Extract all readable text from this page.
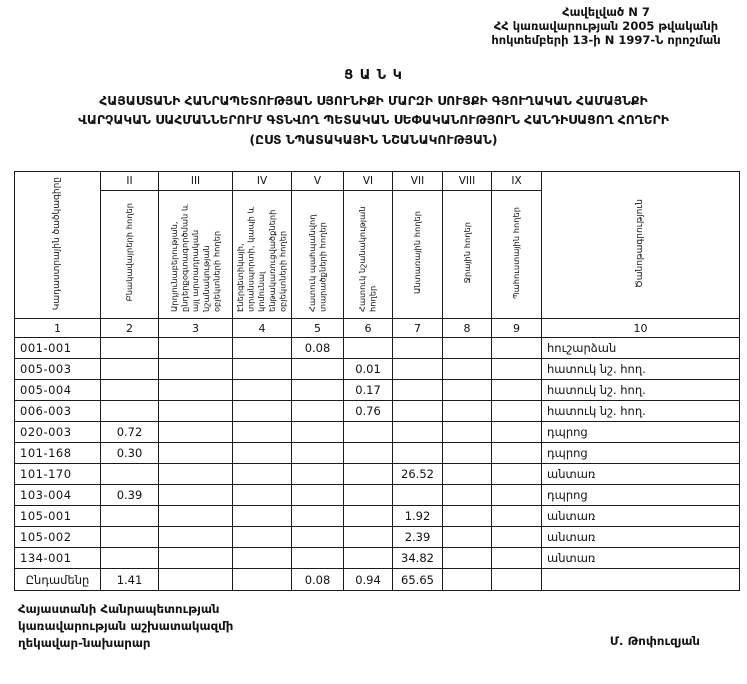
Հավելված N 7
ՀՀ կառավարության 2005 թվականի
հոկտեմբերի 13-ի N 1997-Ն որոշման
Ց Ա Ն Կ
ՀԱՅԱՍՏԱՆԻ ՀԱՆՐԱՊԵՏՈՒԹՅԱՆ ՍՅՈՒՆԻՔԻ ՄԱՐԶԻ ՍՈՒՑՔԻ ԳՅՈՒՂԱԿԱՆ ՀԱՄԱՅՆՔԻ
ՎԱՐՉԱԿԱՆ ՍԱՀՄԱՆՆԵՐՈՒՄ ԳՏՆՎՈՂ ՊԵՏԱԿԱՆ ՍԵՓԱԿԱՆՈՒԹՅՈՒՆ ՀԱՆԴԻՍԱՑՈՂ ՀՈՂԵՐԻ
(ԸՍՏ ՆՊԱՏԱԿԱՅԻՆ ՆՇԱՆԱԿՈՒԹՅԱՆ)
Կադաստրային ծածկագիրը	II	III	IV	V	VI	VII	VIII	IX	Ծանոթագրություն
	Բնակավայրերի հողեր	Արդյունաբերության, ընդերքօգտագործման և այլ արտադրական նշանակության օբյեկտների հողեր	Էներգետիկայի, տրանսպորտի, կապի և կոմունալ ենթակառուցվածքների օբյեկտների հողեր	Հատուկ պահպանվող տարածքների հողեր	Հատուկ նշանակության հողեր	Անտառային հողեր	Ջրային հողեր	Պահուստային հողեր	
1	2	3	4	5	6	7	8	9	10
001-001				0.08					հուշարձան
005-003					0.01				հատուկ նշ. հող.
005-004					0.17				հատուկ նշ. հող.
006-003					0.76				հատուկ նշ. հող.
020-003	0.72								դպրոց
101-168	0.30								դպրոց
101-170						26.52			անտառ
103-004	0.39								դպրոց
105-001						1.92			անտառ
105-002						2.39			անտառ
134-001						34.82			անտառ
Ընդամենը	1.41			0.08	0.94	65.65			
Հայաստանի Հանրապետության
կառավարության աշխատակազմի
ղեկավար-նախարար	Մ. Թոփուզյան
